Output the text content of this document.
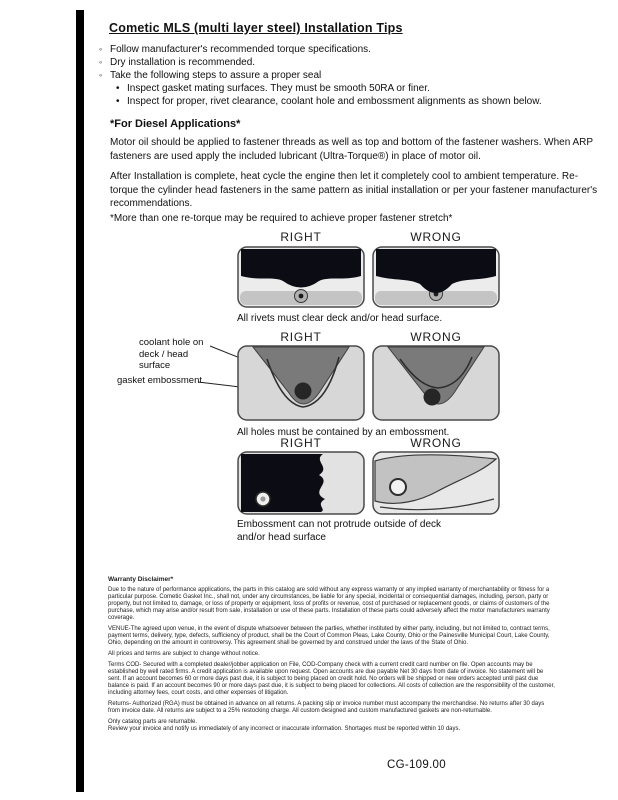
Cometic MLS (multi layer steel) Installation Tips
◦ Follow manufacturer's recommended torque specifications.
◦ Dry installation is recommended.
◦ Take the following steps to assure a proper seal
• Inspect gasket mating surfaces. They must be smooth 50RA or finer.
• Inspect for proper, rivet clearance, coolant hole and embossment alignments as shown below.
*For Diesel Applications*
Motor oil should be applied to fastener threads as well as top and bottom of the fastener washers. When ARP fasteners are used apply the included lubricant (Ultra-Torque®) in place of motor oil.
After Installation is complete, heat cycle the engine then let it completely cool to ambient temperature. Re-torque the cylinder head fasteners in the same pattern as initial installation or per your fastener manufacturer's recommendations.
*More than one re-torque may be required to achieve proper fastener stretch*
RIGHT	WRONG
All rivets must clear deck and/or head surface.
RIGHT	WRONG
coolant hole on
deck / head surface
gasket embossment
All holes must be contained by an embossment.
RIGHT	WRONG
Embossment can not protrude outside of deck and/or head surface
Warranty Disclaimer*
Due to the nature of performance applications, the parts in this catalog are sold without any express warranty or any implied warranty of merchantability or fitness for a particular purpose. Cometic Gasket Inc., shall not, under any circumstances, be liable for any special, incidental or consequential damages, including, person, party or property, but not limited to, damage, or loss of property or equipment, loss of profits or revenue, cost of purchased or replacement goods, or claims of customers of the purchase, which may arise and/or result from sale, installation or use of these parts. Installation of these parts could adversely affect the motor manufacturers warranty coverage.
VENUE-The agreed upon venue, in the event of dispute whatsoever between the parties, whether instituted by either party, including, but not limited to, contract terms, payment terms, delivery, type, defects, sufficiency of product, shall be the Court of Common Pleas, Lake County, Ohio or the Painesville Municipal Court, Lake County, Ohio, depending on the amount in controversy. This agreement shall be governed by and construed under the laws of the State of Ohio.
All prices and terms are subject to change without notice.
Terms COD- Secured with a completed dealer/jobber application on File, COD-Company check with a current credit card number on file. Open accounts may be established by well rated firms. A credit application is available upon request. Open accounts are due payable Net 30 days from date of invoice. No statement will be sent. If an account becomes 60 or more days past due, it is subject to being placed on credit hold. No orders will be shipped or new orders accepted until past due balance is paid. If an account becomes 90 or more days past due, it is subject to being placed for collections. All costs of collection are the responsibility of the customer, including attorney fees, court costs, and other expenses of litigation.
Returns- Authorized (RGA) must be obtained in advance on all returns. A packing slip or invoice number must accompany the merchandise. No returns after 30 days from invoice date. All returns are subject to a 25% restocking charge. All custom designed and custom manufactured gaskets are non-returnable.
Only catalog parts are returnable.
Review your invoice and notify us immediately of any incorrect or inaccurate information. Shortages must be reported within 10 days.
CG-109.00
